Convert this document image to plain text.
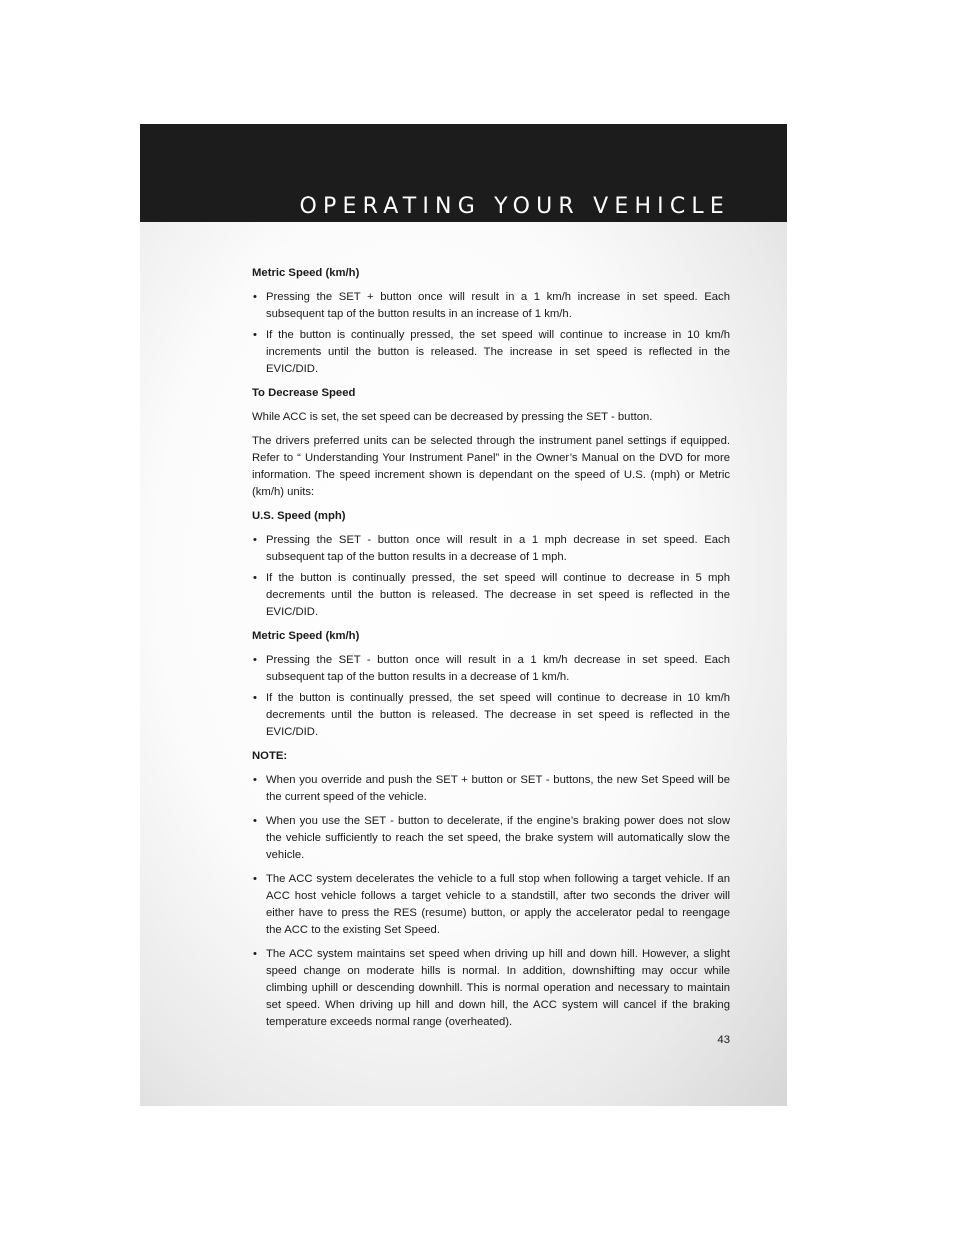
OPERATING YOUR VEHICLE
Metric Speed (km/h)
• Pressing the SET + button once will result in a 1 km/h increase in set speed. Each subsequent tap of the button results in an increase of 1 km/h.
• If the button is continually pressed, the set speed will continue to increase in 10 km/h increments until the button is released. The increase in set speed is reflected in the EVIC/DID.
To Decrease Speed

While ACC is set, the set speed can be decreased by pressing the SET - button.

The drivers preferred units can be selected through the instrument panel settings if equipped. Refer to “ Understanding Your Instrument Panel” in the Owner’s Manual on the DVD for more information. The speed increment shown is dependant on the speed of U.S. (mph) or Metric (km/h) units:

U.S. Speed (mph)
• Pressing the SET - button once will result in a 1 mph decrease in set speed. Each subsequent tap of the button results in a decrease of 1 mph.
• If the button is continually pressed, the set speed will continue to decrease in 5 mph decrements until the button is released. The decrease in set speed is reflected in the EVIC/DID.
Metric Speed (km/h)
• Pressing the SET - button once will result in a 1 km/h decrease in set speed. Each subsequent tap of the button results in a decrease of 1 km/h.
• If the button is continually pressed, the set speed will continue to decrease in 10 km/h decrements until the button is released. The decrease in set speed is reflected in the EVIC/DID.
NOTE:
• When you override and push the SET + button or SET - buttons, the new Set Speed will be the current speed of the vehicle.
• When you use the SET - button to decelerate, if the engine’s braking power does not slow the vehicle sufficiently to reach the set speed, the brake system will automatically slow the vehicle.
• The ACC system decelerates the vehicle to a full stop when following a target vehicle. If an ACC host vehicle follows a target vehicle to a standstill, after two seconds the driver will either have to press the RES (resume) button, or apply the accelerator pedal to reengage the ACC to the existing Set Speed.
• The ACC system maintains set speed when driving up hill and down hill. However, a slight speed change on moderate hills is normal. In addition, downshifting may occur while climbing uphill or descending downhill. This is normal operation and necessary to maintain set speed. When driving up hill and down hill, the ACC system will cancel if the braking temperature exceeds normal range (overheated).
43
